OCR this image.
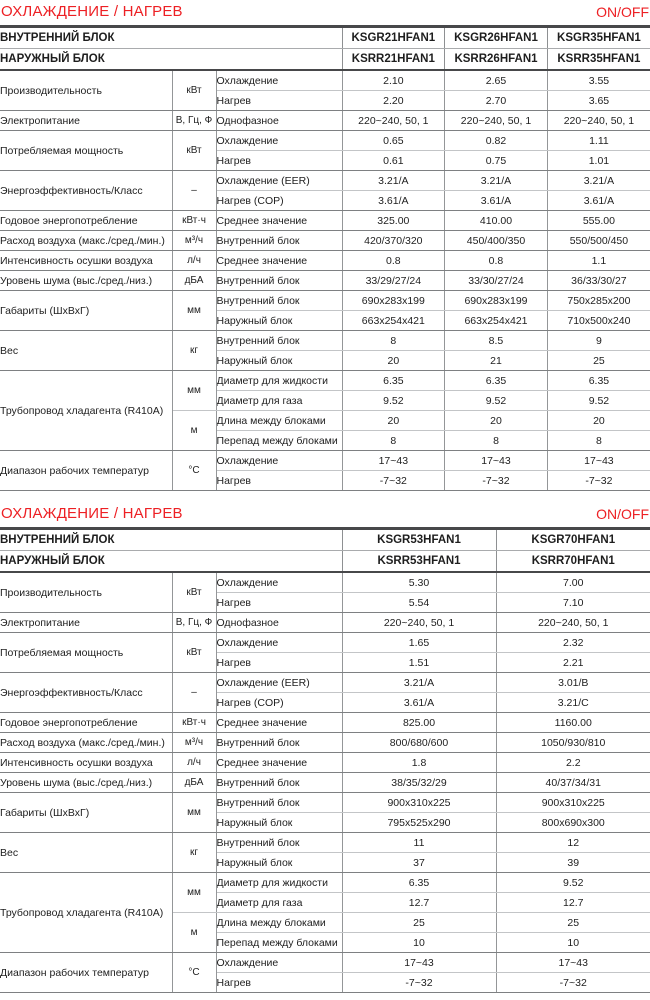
ОХЛАЖДЕНИЕ / НАГРЕВ	ON/OFF
ВНУТРЕННИЙ БЛОК			KSGR21HFAN1	KSGR26HFAN1	KSGR35HFAN1
НАРУЖНЫЙ БЛОК			KSRR21HFAN1	KSRR26HFAN1	KSRR35HFAN1
Производительность	кВт	Охлаждение	2.10	2.65	3.55
		Нагрев	2.20	2.70	3.65
Электропитание	В, Гц, Ф	Однофазное	220~240, 50, 1	220~240, 50, 1	220~240, 50, 1
Потребляемая мощность	кВт	Охлаждение	0.65	0.82	1.11
		Нагрев	0.61	0.75	1.01
Энергоэффективность/Класс	–	Охлаждение (EER)	3.21/A	3.21/A	3.21/A
		Нагрев (COP)	3.61/A	3.61/A	3.61/A
Годовое энергопотребление	кВт·ч	Среднее значение	325.00	410.00	555.00
Расход воздуха (макс./сред./мин.)	м³/ч	Внутренний блок	420/370/320	450/400/350	550/500/450
Интенсивность осушки воздуха	л/ч	Среднее значение	0.8	0.8	1.1
Уровень шума (выс./сред./низ.)	дБА	Внутренний блок	33/29/27/24	33/30/27/24	36/33/30/27
Габариты (ШхВхГ)	мм	Внутренний блок	690x283x199	690x283x199	750x285x200
		Наружный блок	663x254x421	663x254x421	710x500x240
Вес	кг	Внутренний блок	8	8.5	9
		Наружный блок	20	21	25
Трубопровод хладагента (R410A)	мм	Диаметр для жидкости	6.35	6.35	6.35
		Диаметр для газа	9.52	9.52	9.52
	м	Длина между блоками	20	20	20
		Перепад между блоками	8	8	8
Диапазон рабочих температур	°С	Охлаждение	17~43	17~43	17~43
		Нагрев	-7~32	-7~32	-7~32
ОХЛАЖДЕНИЕ / НАГРЕВ	ON/OFF
ВНУТРЕННИЙ БЛОК			KSGR53HFAN1	KSGR70HFAN1
НАРУЖНЫЙ БЛОК			KSRR53HFAN1	KSRR70HFAN1
Производительность	кВт	Охлаждение	5.30	7.00
		Нагрев	5.54	7.10
Электропитание	В, Гц, Ф	Однофазное	220~240, 50, 1	220~240, 50, 1
Потребляемая мощность	кВт	Охлаждение	1.65	2.32
		Нагрев	1.51	2.21
Энергоэффективность/Класс	–	Охлаждение (EER)	3.21/A	3.01/B
		Нагрев (COP)	3.61/A	3.21/C
Годовое энергопотребление	кВт·ч	Среднее значение	825.00	1160.00
Расход воздуха (макс./сред./мин.)	м³/ч	Внутренний блок	800/680/600	1050/930/810
Интенсивность осушки воздуха	л/ч	Среднее значение	1.8	2.2
Уровень шума (выс./сред./низ.)	дБА	Внутренний блок	38/35/32/29	40/37/34/31
Габариты (ШхВхГ)	мм	Внутренний блок	900x310x225	900x310x225
		Наружный блок	795x525x290	800x690x300
Вес	кг	Внутренний блок	11	12
		Наружный блок	37	39
Трубопровод хладагента (R410A)	мм	Диаметр для жидкости	6.35	9.52
		Диаметр для газа	12.7	12.7
	м	Длина между блоками	25	25
		Перепад между блоками	10	10
Диапазон рабочих температур	°С	Охлаждение	17~43	17~43
		Нагрев	-7~32	-7~32
